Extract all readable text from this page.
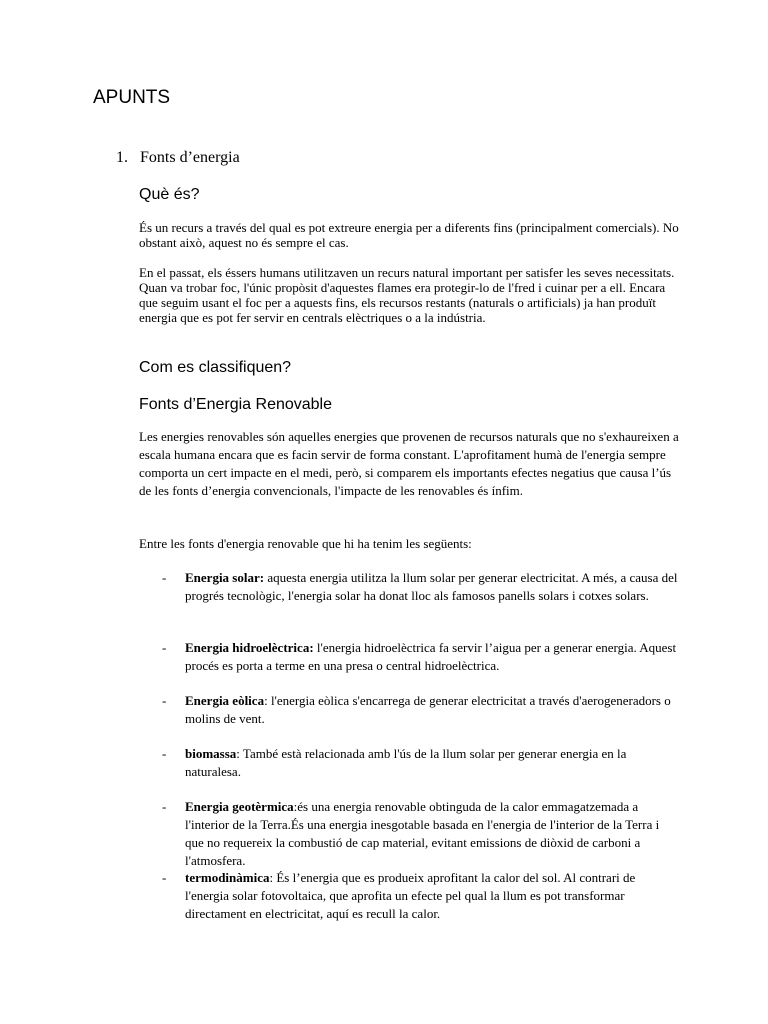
APUNTS
1. Fonts d’energia
Què és?

És un recurs a través del qual es pot extreure energia per a diferents fins (principalment comercials). No obstant això, aquest no és sempre el cas.

En el passat, els éssers humans utilitzaven un recurs natural important per satisfer les seves necessitats. Quan va trobar foc, l'únic propòsit d'aquestes flames era protegir-lo de l'fred i cuinar per a ell. Encara que seguim usant el foc per a aquests fins, els recursos restants (naturals o artificials) ja han produït energia que es pot fer servir en centrals elèctriques o a la indústria.

Com es classifiquen?
Fonts d’Energia Renovable

Les energies renovables són aquelles energies que provenen de recursos naturals que no s'exhaureixen a escala humana encara que es facin servir de forma constant. L'aprofitament humà de l'energia sempre comporta un cert impacte en el medi, però, si comparem els importants efectes negatius que causa l’ús de les fonts d’energia convencionals, l'impacte de les renovables és ínfim.

Entre les fonts d'energia renovable que hi ha tenim les següents:

- Energia solar: aquesta energia utilitza la llum solar per generar electricitat. A més, a causa del progrés tecnològic, l'energia solar ha donat lloc als famosos panells solars i cotxes solars.
- Energia hidroelèctrica: l'energia hidroelèctrica fa servir l’aigua per a generar energia. Aquest procés es porta a terme en una presa o central hidroelèctrica.
- Energia eòlica: l'energia eòlica s'encarrega de generar electricitat a través d'aerogeneradors o molins de vent.
- biomassa: També està relacionada amb l'ús de la llum solar per generar energia en la naturalesa.
- Energia geotèrmica:és una energia renovable obtinguda de la calor emmagatzemada a l'interior de la Terra.És una energia inesgotable basada en l'energia de l'interior de la Terra i que no requereix la combustió de cap material, evitant emissions de diòxid de carboni a l'atmosfera.
- termodinàmica: És l’energia que es produeix aprofitant la calor del sol. Al contrari de l'energia solar fotovoltaica, que aprofita un efecte pel qual la llum es pot transformar directament en electricitat, aquí es recull la calor.
